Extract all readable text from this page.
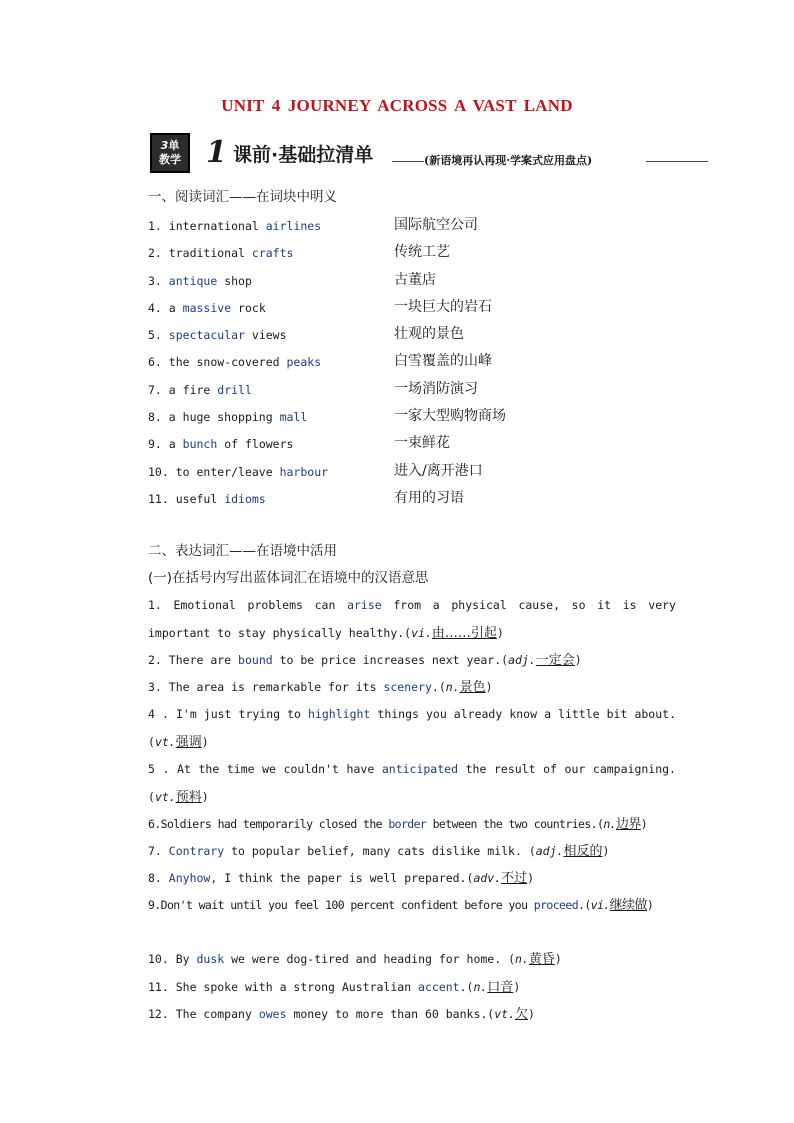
UNIT 4 JOURNEY ACROSS A VAST LAND
3单
教学 1 课前·基础拉清单	(新语境再认再现·学案式应用盘点)
一、阅读词汇——在词块中明义
1. international airlines	国际航空公司
2. traditional crafts	传统工艺
3. antique shop	古董店
4. a massive rock	一块巨大的岩石
5. spectacular views	壮观的景色
6. the snow-covered peaks	白雪覆盖的山峰
7. a fire drill	一场消防演习
8. a huge shopping mall	一家大型购物商场
9. a bunch of flowers	一束鲜花
10. to enter/leave harbour	进入/离开港口
11. useful idioms	有用的习语
二、表达词汇——在语境中活用
(一)在括号内写出蓝体词汇在语境中的汉语意思
1. Emotional problems can arise from a physical cause, so it is very important to stay physically healthy.(vi.由……引起)
2. There are bound to be price increases next year.(adj.一定会)
3. The area is remarkable for its scenery.(n.景色)
4 . I'm just trying to highlight things you already know a little bit about.(vt.强调)
5 . At the time we couldn't have anticipated the result of our campaigning.(vt.预料)
6.Soldiers had temporarily closed the border between the two countries.(n.边界)
7. Contrary to popular belief, many cats dislike milk. (adj.相反的)
8. Anyhow, I think the paper is well prepared.(adv.不过)
9.Don't wait until you feel 100 percent confident before you proceed.(vi.继续做)
10. By dusk we were dog-tired and heading for home. (n.黄昏)
11. She spoke with a strong Australian accent.(n.口音)
12. The company owes money to more than 60 banks.(vt.欠)
